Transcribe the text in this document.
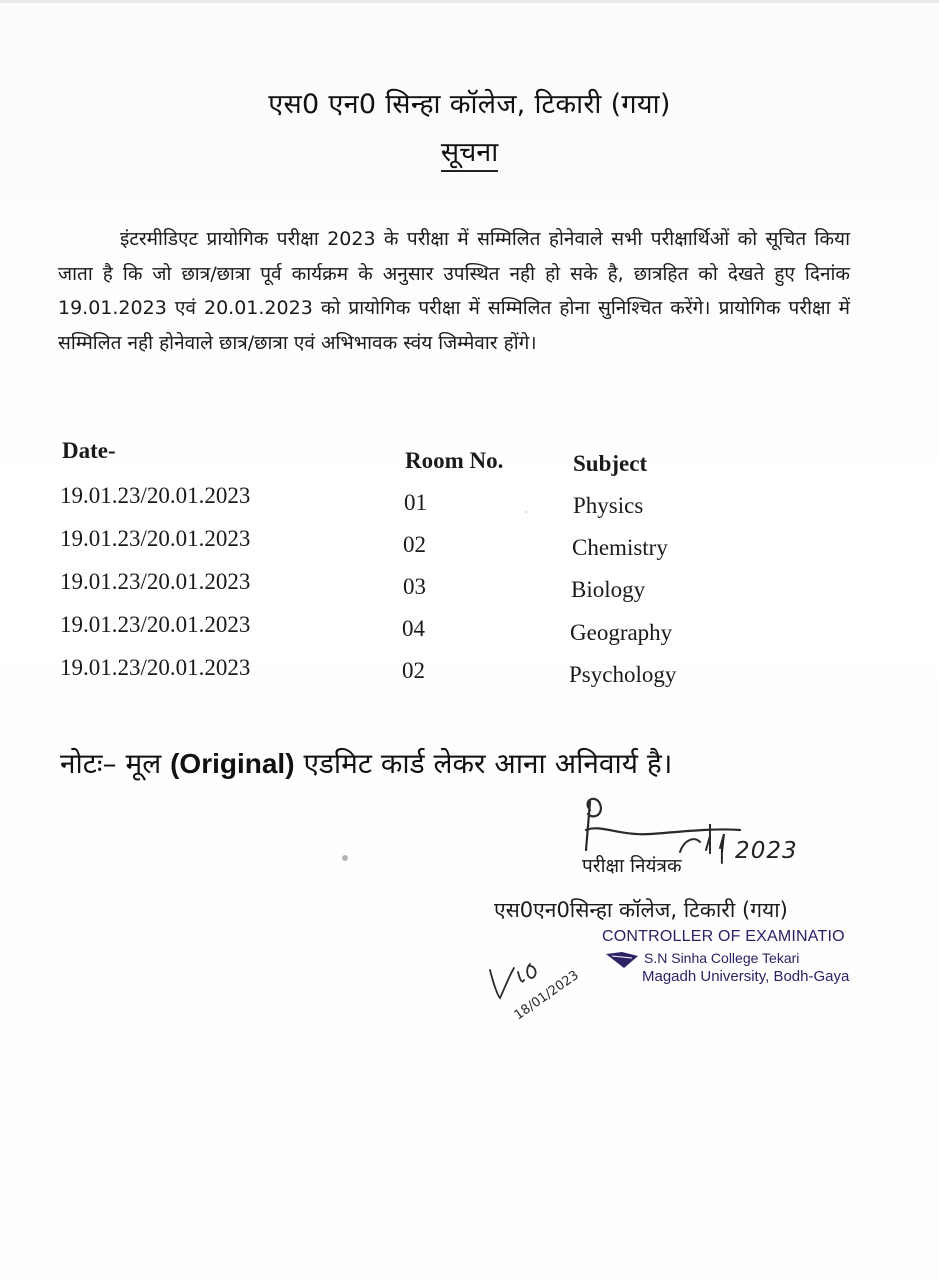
एस0 एन0 सिन्हा कॉलेज, टिकारी (गया)
सूचना
इंटरमीडिएट प्रायोगिक परीक्षा 2023 के परीक्षा में सम्मिलित होनेवाले सभी परीक्षार्थिओं को सूचित किया जाता है कि जो छात्र/छात्रा पूर्व कार्यक्रम के अनुसार उपस्थित नही हो सके है, छात्रहित को देखते हुए दिनांक 19.01.2023 एवं 20.01.2023 को प्रायोगिक परीक्षा में सम्मिलित होना सुनिश्चित करेंगे। प्रायोगिक परीक्षा में सम्मिलित नही होनेवाले छात्र/छात्रा एवं अभिभावक स्वंय जिम्मेवार होंगे।
Date-	Room No.	Subject
19.01.23/20.01.2023	01	Physics
19.01.23/20.01.2023	02	Chemistry
19.01.23/20.01.2023	03	Biology
19.01.23/20.01.2023	04	Geography
19.01.23/20.01.2023	02	Psychology
नोटः– मूल (Original) एडमिट कार्ड लेकर आना अनिवार्य है।
| 2023
परीक्षा नियंत्रक
एस0एन0सिन्हा कॉलेज, टिकारी (गया)
CONTROLLER OF EXAMINATIO
S.N Sinha College Tekari
Magadh University, Bodh-Gaya
18/01/2023
